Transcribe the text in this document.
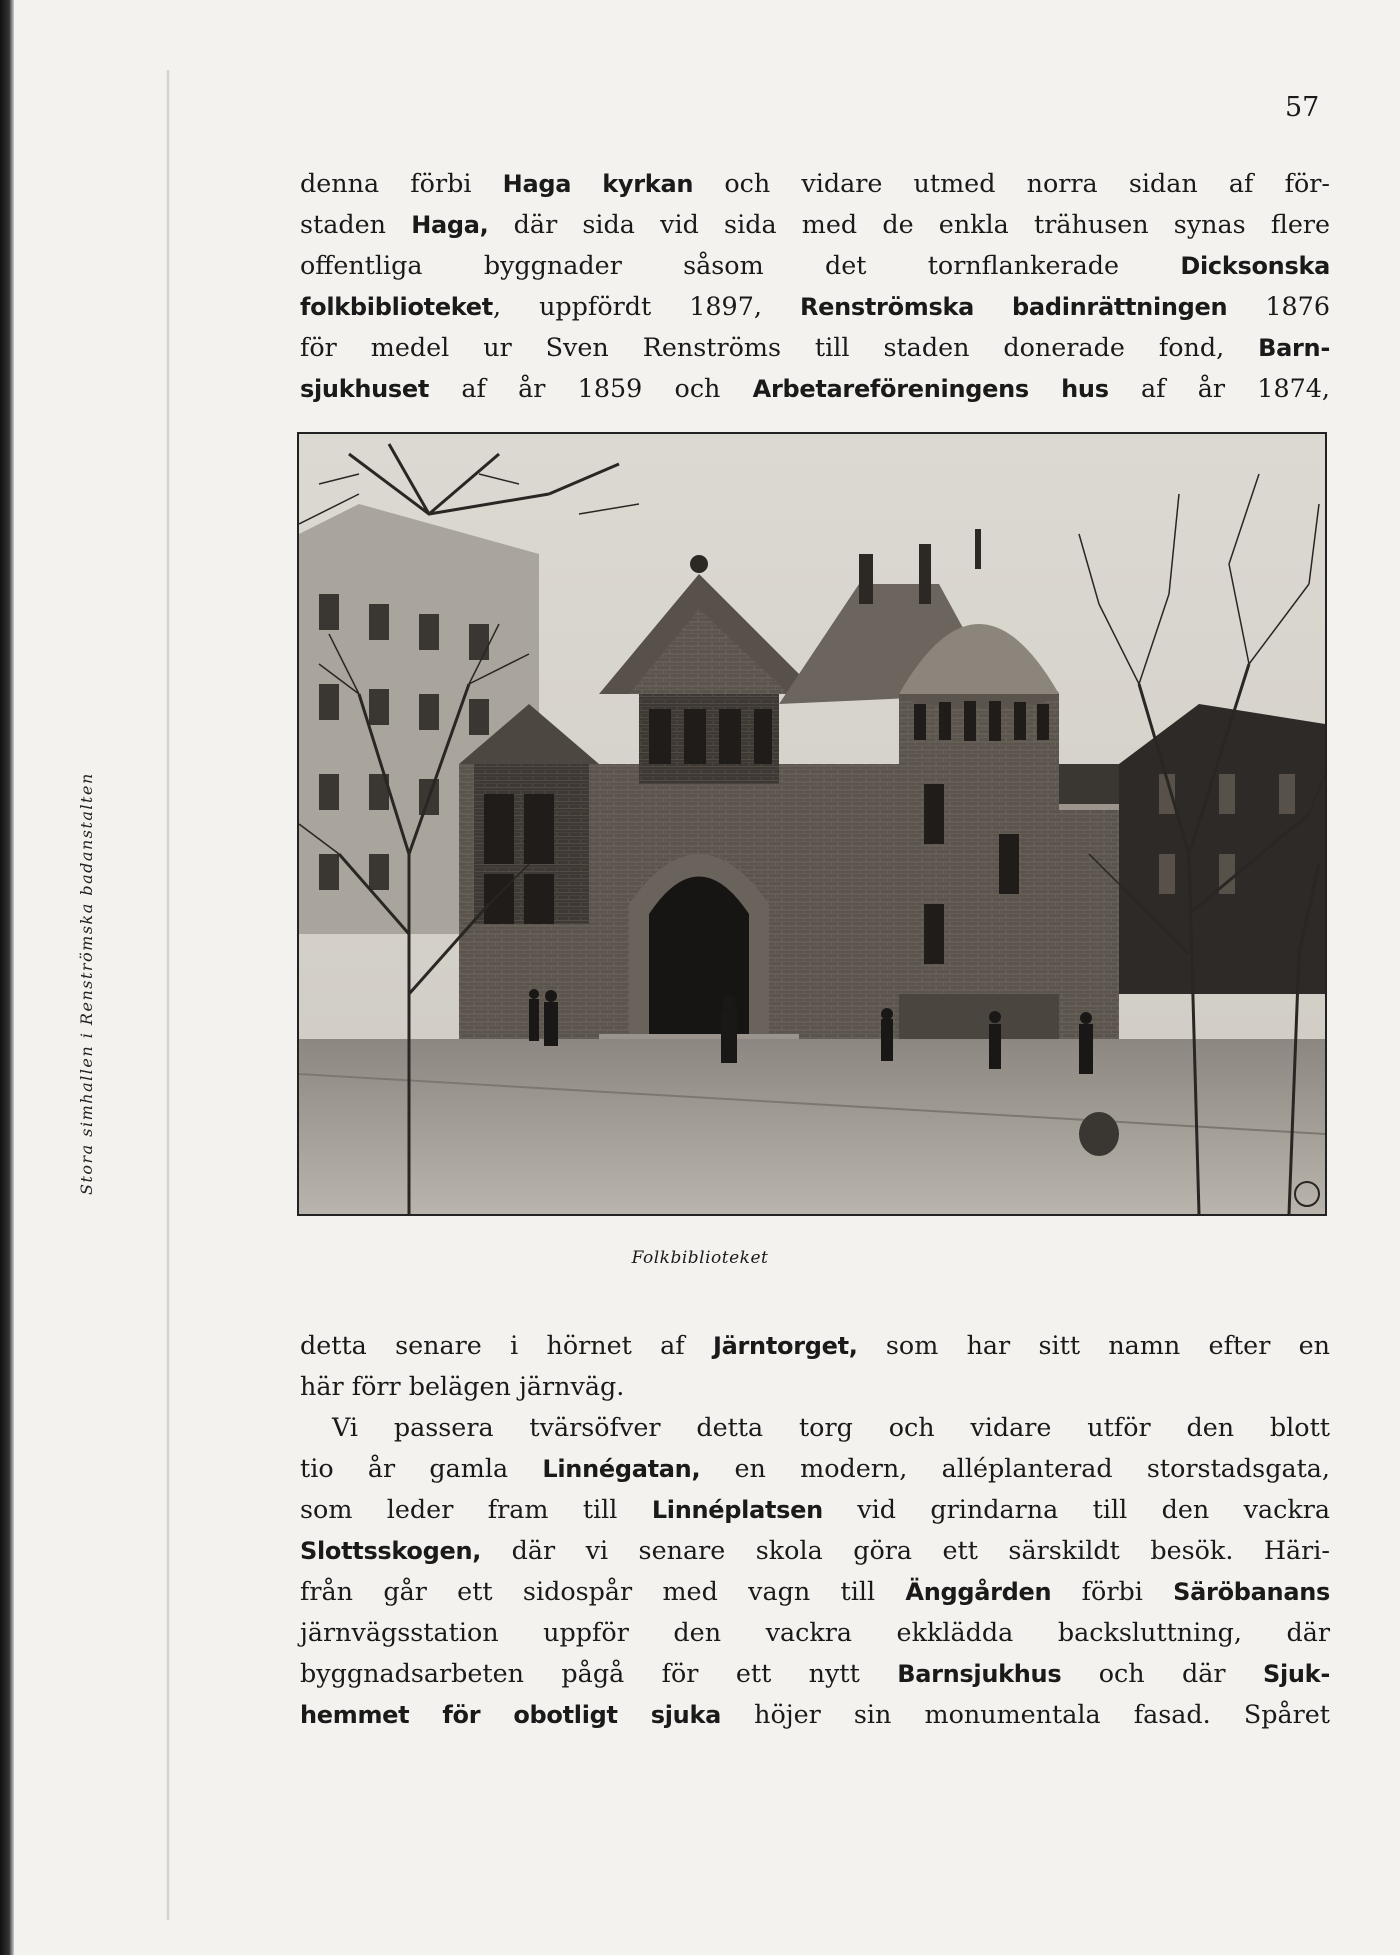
Stora simhallen i Renströmska badanstalten
57
denna förbi Haga kyrkan och vidare utmed norra sidan af för-
staden Haga, där sida vid sida med de enkla trähusen synas flere
offentliga byggnader såsom det tornflankerade Dicksonska
folkbiblioteket, uppfördt 1897, Renströmska badinrättningen 1876
för medel ur Sven Renströms till staden donerade fond, Barn-
sjukhuset af år 1859 och Arbetareföreningens hus af år 1874,
Folkbiblioteket
detta senare i hörnet af Järntorget, som har sitt namn efter en
här förr belägen järnväg.
Vi passera tvärsöfver detta torg och vidare utför den blott
tio år gamla Linnégatan, en modern, alléplanterad storstadsgata,
som leder fram till Linnéplatsen vid grindarna till den vackra
Slottsskogen, där vi senare skola göra ett särskildt besök. Häri-
från går ett sidospår med vagn till Änggården förbi Säröbanans
järnvägsstation uppför den vackra ekklädda backsluttning, där
byggnadsarbeten pågå för ett nytt Barnsjukhus och där Sjuk-
hemmet för obotligt sjuka höjer sin monumentala fasad. Spåret
